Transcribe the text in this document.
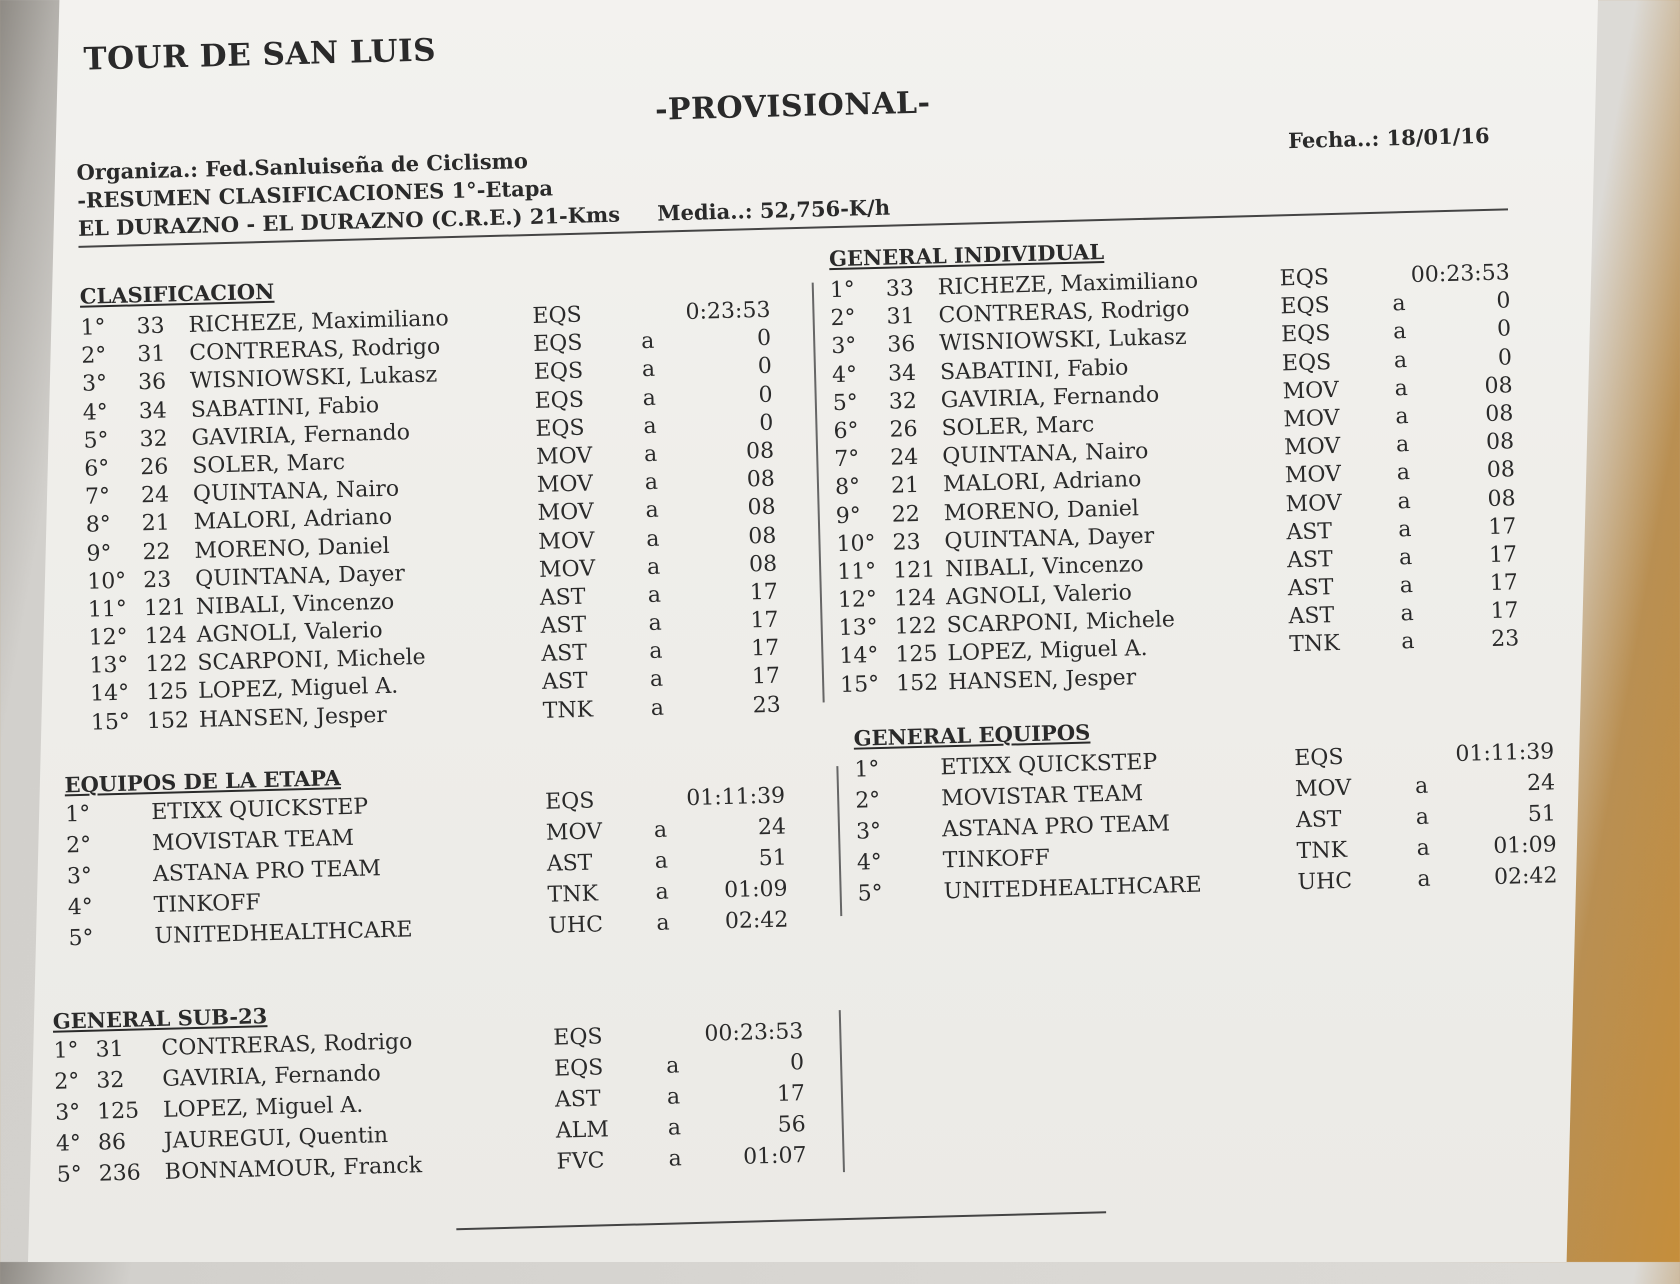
TOUR DE SAN LUIS
-PROVISIONAL-
Organiza.: Fed.Sanluiseña de Ciclismo
-RESUMEN CLASIFICACIONES 1°-Etapa
EL DURAZNO - EL DURAZNO (C.R.E.) 21-Kms Media..: 52,756-K/h
Fecha..: 18/01/16
CLASIFICACION
1° 33 RICHEZE, Maximiliano	EQS	0:23:53
2° 31 CONTRERAS, Rodrigo	EQS	a	0
3° 36 WISNIOWSKI, Lukasz	EQS	a	0
4° 34 SABATINI, Fabio	EQS	a	0
5° 32 GAVIRIA, Fernando	EQS	a	0
6° 26 SOLER, Marc	MOV a	08
7° 24 QUINTANA, Nairo	MOV a	08
8° 21 MALORI, Adriano	MOV a	08
9° 22 MORENO, Daniel	MOV a	08
10° 23 QUINTANA, Dayer	MOV a	08
11° 121 NIBALI, Vincenzo	AST	a	17
12° 124 AGNOLI, Valerio	AST	a	17
13° 122 SCARPONI, Michele	AST	a	17
14° 125 LOPEZ, Miguel A.	AST	a	17
15° 152 HANSEN, Jesper	TNK	a	23
GENERAL INDIVIDUAL
1° 33 RICHEZE, Maximiliano	EQS	00:23:53
2° 31 CONTRERAS, Rodrigo	EQS	a	0
3° 36 WISNIOWSKI, Lukasz	EQS	a	0
4° 34 SABATINI, Fabio	EQS	a	0
5° 32 GAVIRIA, Fernando	MOV	a	08
6° 26 SOLER, Marc	MOV	a	08
7° 24 QUINTANA, Nairo	MOV	a	08
8° 21 MALORI, Adriano	MOV	a	08
9° 22 MORENO, Daniel	MOV	a	08
10° 23 QUINTANA, Dayer	AST	a	17
11° 121 NIBALI, Vincenzo	AST	a	17
12° 124 AGNOLI, Valerio	AST	a	17
13° 122 SCARPONI, Michele	AST	a	17
14° 125 LOPEZ, Miguel A.	TNK	a	23
15° 152 HANSEN, Jesper
EQUIPOS DE LA ETAPA
1°	ETIXX QUICKSTEP	EQS	01:11:39
2°	MOVISTAR TEAM	MOV a	24
3°	ASTANA PRO TEAM	AST	a	51
4°	TINKOFF	TNK	a 01:09
5°	UNITEDHEALTHCARE	UHC a 02:42
GENERAL EQUIPOS
1°	ETIXX QUICKSTEP	EQS	01:11:39
2°	MOVISTAR TEAM	MOV	a	24
3°	ASTANA PRO TEAM	AST	a	51
4°	TINKOFF	TNK	a	01:09
5°	UNITEDHEALTHCARE	UHC	a	02:42
GENERAL SUB-23
1° 31 CONTRERAS, Rodrigo	EQS	00:23:53
2° 32 GAVIRIA, Fernando	EQS	a	0
3° 125 LOPEZ, Miguel A.	AST	a	17
4° 86 JAUREGUI, Quentin	ALM	a	56
5° 236 BONNAMOUR, Franck	FVC	a	01:07
